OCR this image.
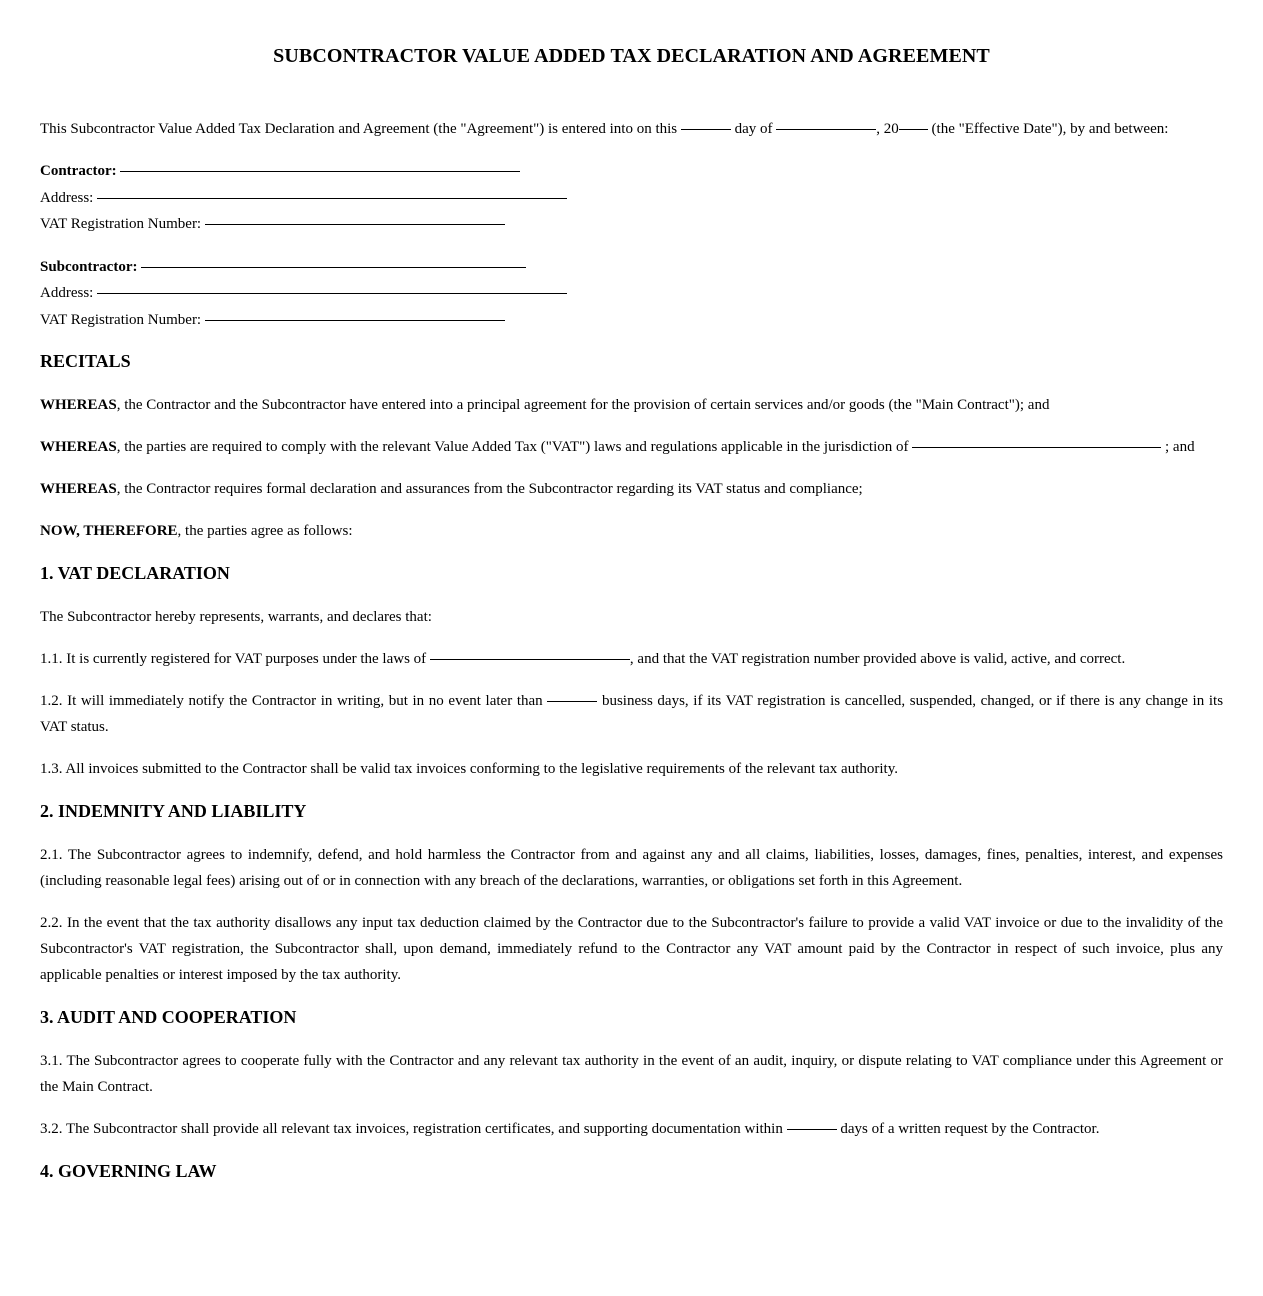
SUBCONTRACTOR VALUE ADDED TAX DECLARATION AND AGREEMENT

This Subcontractor Value Added Tax Declaration and Agreement (the "Agreement") is entered into on this	day of	, 20 (the "Effective Date"), by and between:

Contractor:
Address:
VAT Registration Number:
Subcontractor:
Address:
VAT Registration Number:
RECITALS

WHEREAS, the Contractor and the Subcontractor have entered into a principal agreement for the provision of certain services and/or goods (the "Main Contract"); and

WHEREAS, the parties are required to comply with the relevant Value Added Tax ("VAT") laws and regulations applicable in the jurisdiction of	; and

WHEREAS, the Contractor requires formal declaration and assurances from the Subcontractor regarding its VAT status and compliance;

NOW, THEREFORE, the parties agree as follows:

1. VAT DECLARATION

The Subcontractor hereby represents, warrants, and declares that:

1.1. It is currently registered for VAT purposes under the laws of	, and that the VAT registration number provided above is valid, active, and correct.

1.2. It will immediately notify the Contractor in writing, but in no event later than	business days, if its VAT registration is cancelled, suspended, changed, or if there is any change in its VAT status.

1.3. All invoices submitted to the Contractor shall be valid tax invoices conforming to the legislative requirements of the relevant tax authority.

2. INDEMNITY AND LIABILITY

2.1. The Subcontractor agrees to indemnify, defend, and hold harmless the Contractor from and against any and all claims, liabilities, losses, damages, fines, penalties, interest, and expenses (including reasonable legal fees) arising out of or in connection with any breach of the declarations, warranties, or obligations set forth in this Agreement.

2.2. In the event that the tax authority disallows any input tax deduction claimed by the Contractor due to the Subcontractor's failure to provide a valid VAT invoice or due to the invalidity of the Subcontractor's VAT registration, the Subcontractor shall, upon demand, immediately refund to the Contractor any VAT amount paid by the Contractor in respect of such invoice, plus any applicable penalties or interest imposed by the tax authority.

3. AUDIT AND COOPERATION

3.1. The Subcontractor agrees to cooperate fully with the Contractor and any relevant tax authority in the event of an audit, inquiry, or dispute relating to VAT compliance under this Agreement or the Main Contract.

3.2. The Subcontractor shall provide all relevant tax invoices, registration certificates, and supporting documentation within	days of a written request by the Contractor.

4. GOVERNING LAW
